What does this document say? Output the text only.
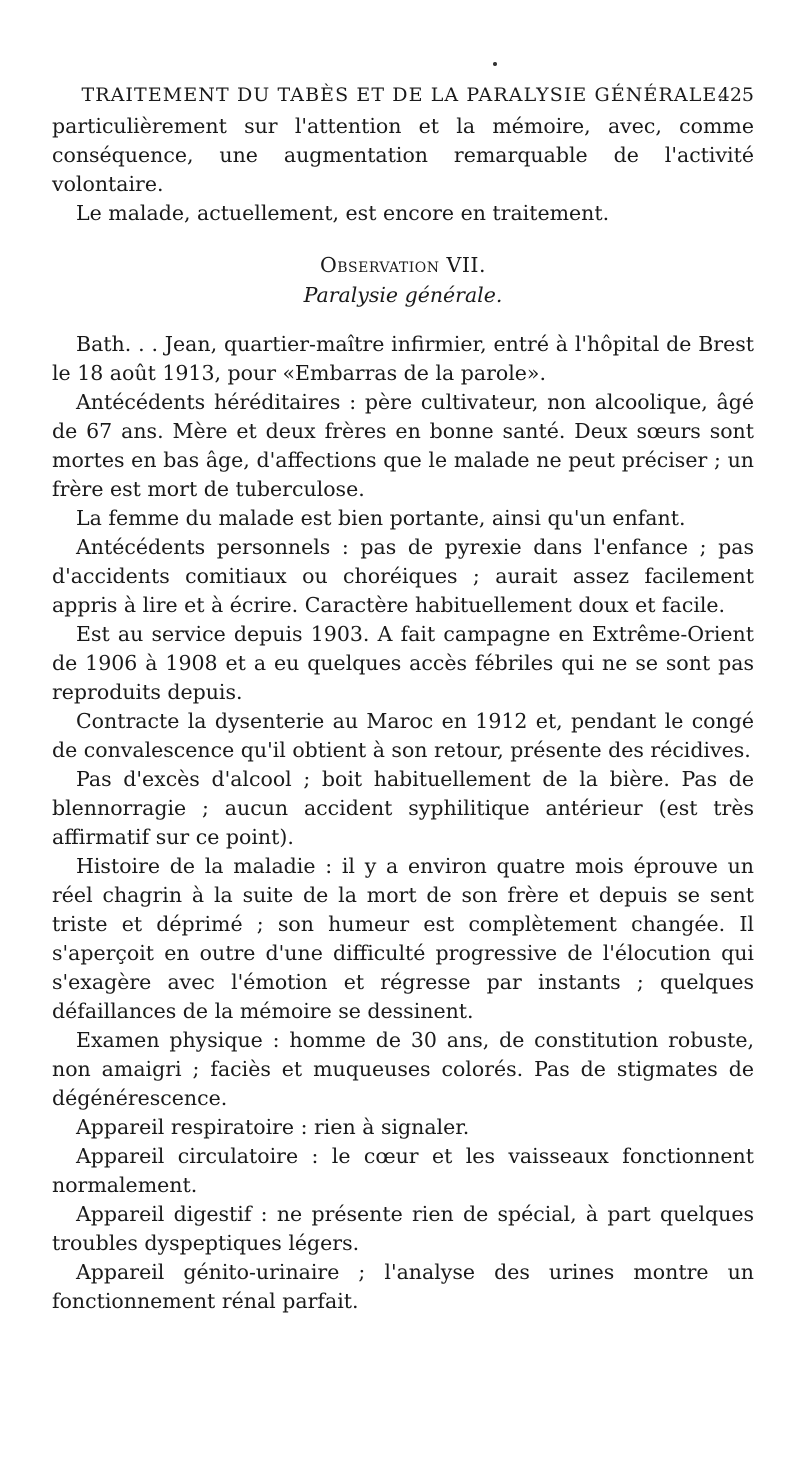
TRAITEMENT DU TABÈS ET DE LA PARALYSIE GÉNÉRALE.
425

particulièrement sur l'attention et la mémoire, avec, comme conséquence, une augmentation remarquable de l'activité volontaire.

Le malade, actuellement, est encore en traitement.

Observation VII.
Paralysie générale.

Bath. . . Jean, quartier-maître infirmier, entré à l'hôpital de Brest le 18 août 1913, pour «Embarras de la parole».

Antécédents héréditaires : père cultivateur, non alcoolique, âgé de 67 ans. Mère et deux frères en bonne santé. Deux sœurs sont mortes en bas âge, d'affections que le malade ne peut préciser ; un frère est mort de tuberculose.

La femme du malade est bien portante, ainsi qu'un enfant.

Antécédents personnels : pas de pyrexie dans l'enfance ; pas d'accidents comitiaux ou choréiques ; aurait assez facilement appris à lire et à écrire. Caractère habituellement doux et facile.

Est au service depuis 1903. A fait campagne en Extrême-Orient de 1906 à 1908 et a eu quelques accès fébriles qui ne se sont pas reproduits depuis.

Contracte la dysenterie au Maroc en 1912 et, pendant le congé de convalescence qu'il obtient à son retour, présente des récidives.

Pas d'excès d'alcool ; boit habituellement de la bière. Pas de blennorragie ; aucun accident syphilitique antérieur (est très affirmatif sur ce point).

Histoire de la maladie : il y a environ quatre mois éprouve un réel chagrin à la suite de la mort de son frère et depuis se sent triste et déprimé ; son humeur est complètement changée. Il s'aperçoit en outre d'une difficulté progressive de l'élocution qui s'exagère avec l'émotion et régresse par instants ; quelques défaillances de la mémoire se dessinent.

Examen physique : homme de 30 ans, de constitution robuste, non amaigri ; faciès et muqueuses colorés. Pas de stigmates de dégénérescence.

Appareil respiratoire : rien à signaler.

Appareil circulatoire : le cœur et les vaisseaux fonctionnent normalement.

Appareil digestif : ne présente rien de spécial, à part quelques troubles dyspeptiques légers.

Appareil génito-urinaire ; l'analyse des urines montre un fonctionnement rénal parfait.
